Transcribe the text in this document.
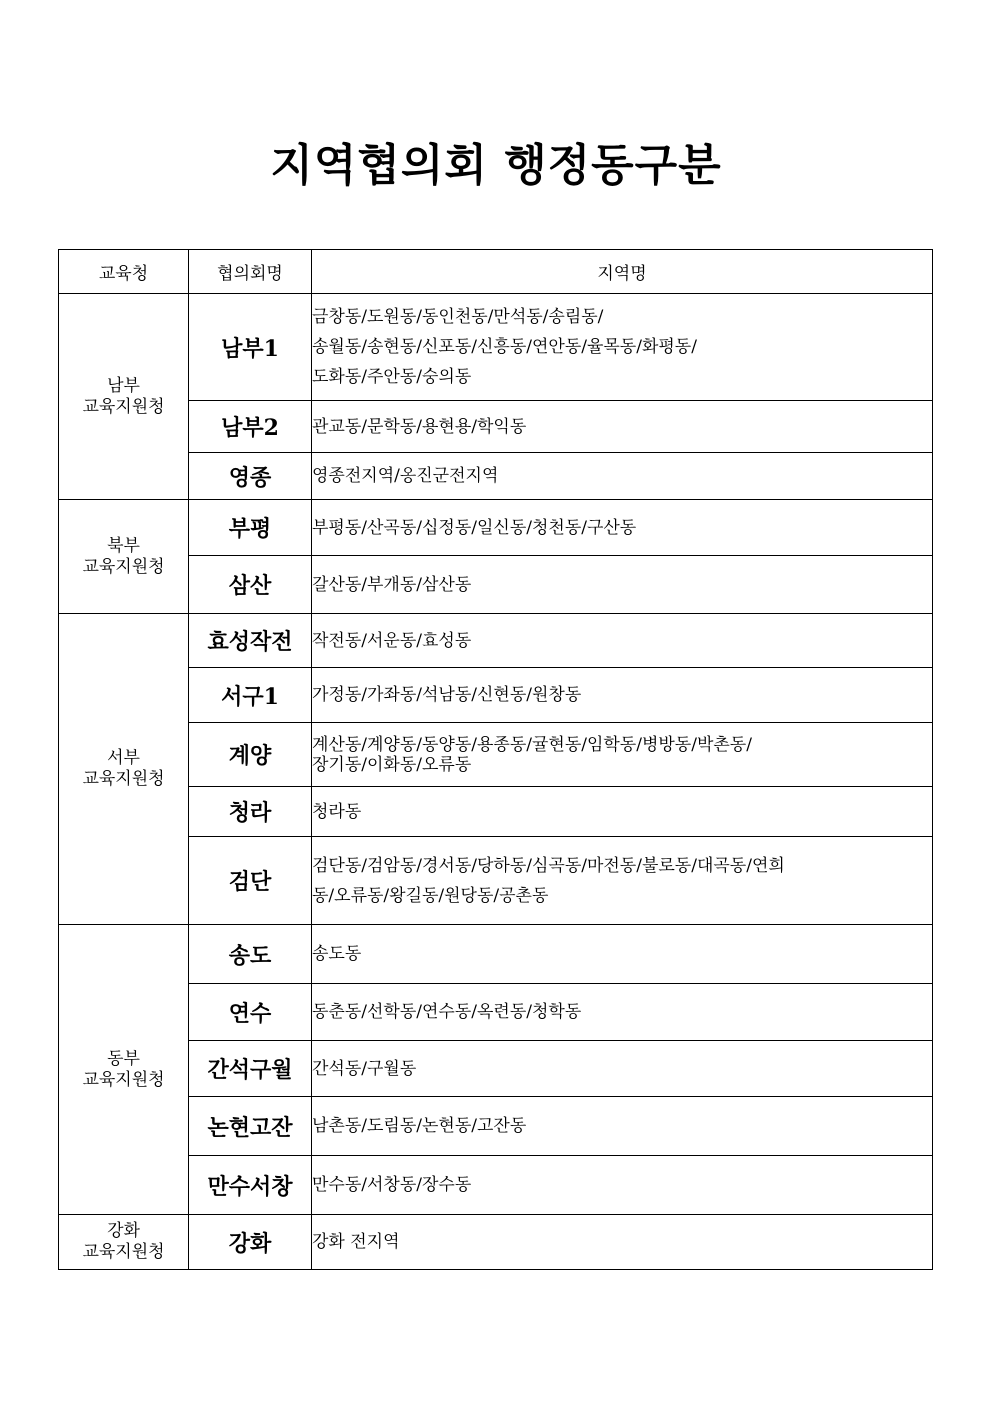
지역협의회 행정동구분
교육청	협의회명	지역명
남부
교육지원청	남부1	금창동/도원동/동인천동/만석동/송림동/
송월동/송현동/신포동/신흥동/연안동/율목동/화평동/
도화동/주안동/숭의동
	남부2	관교동/문학동/용현용/학익동
	영종	영종전지역/옹진군전지역
북부
교육지원청	부평	부평동/산곡동/십정동/일신동/청천동/구산동
	삼산	갈산동/부개동/삼산동
서부
교육지원청	효성작전	작전동/서운동/효성동
	서구1	가정동/가좌동/석남동/신현동/원창동
	계양	계산동/계양동/동양동/용종동/귤현동/임학동/병방동/박촌동/
장기동/이화동/오류동
	청라	청라동
	검단	검단동/검암동/경서동/당하동/심곡동/마전동/불로동/대곡동/연희
동/오류동/왕길동/원당동/공촌동
동부
교육지원청	송도	송도동
	연수	동춘동/선학동/연수동/옥련동/청학동
	간석구월	간석동/구월동
	논현고잔	남촌동/도림동/논현동/고잔동
	만수서창	만수동/서창동/장수동
강화
교육지원청	강화	강화 전지역
